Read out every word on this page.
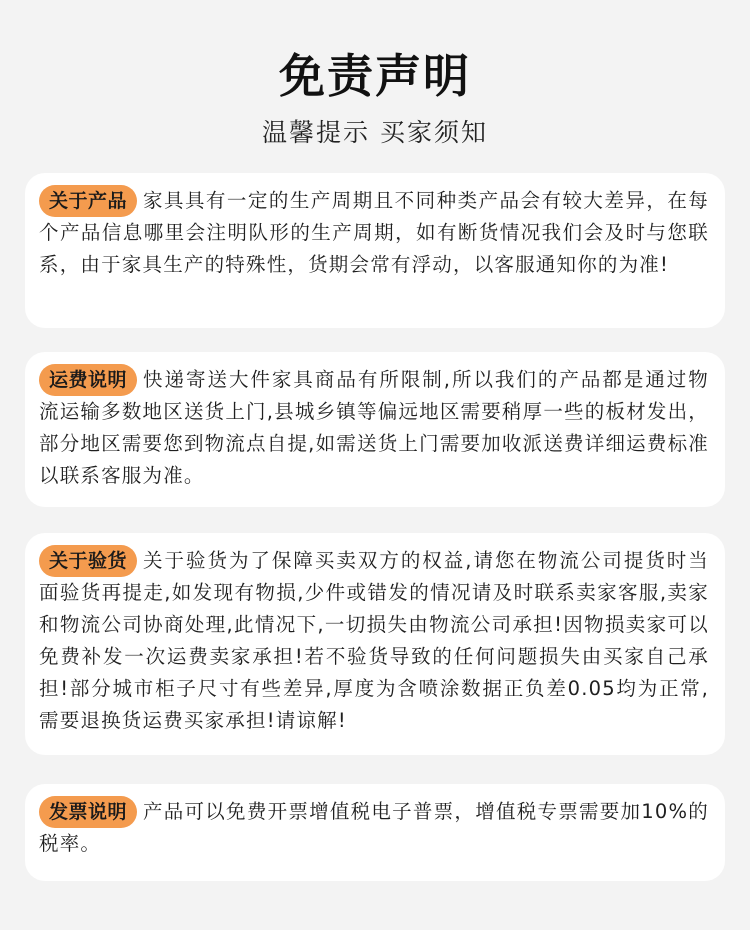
免责声明
温馨提示 买家须知

关于产品 家具具有一定的生产周期且不同种类产品会有较大差异，在每个产品信息哪里会注明队形的生产周期，如有断货情况我们会及时与您联系，由于家具生产的特殊性，货期会常有浮动，以客服通知你的为准!

运费说明 快递寄送大件家具商品有所限制,所以我们的产品都是通过物流运输多数地区送货上门,县城乡镇等偏远地区需要稍厚一些的板材发出，部分地区需要您到物流点自提,如需送货上门需要加收派送费详细运费标准以联系客服为准。

关于验货 关于验货为了保障买卖双方的权益,请您在物流公司提货时当面验货再提走,如发现有物损,少件或错发的情况请及时联系卖家客服,卖家和物流公司协商处理,此情况下,一切损失由物流公司承担!因物损卖家可以免费补发一次运费卖家承担!若不验货导致的任何问题损失由买家自己承担!部分城市柜子尺寸有些差异,厚度为含喷涂数据正负差0.05均为正常,需要退换货运费买家承担!请谅解!

发票说明 产品可以免费开票增值税电子普票，增值税专票需要加10%的税率。
